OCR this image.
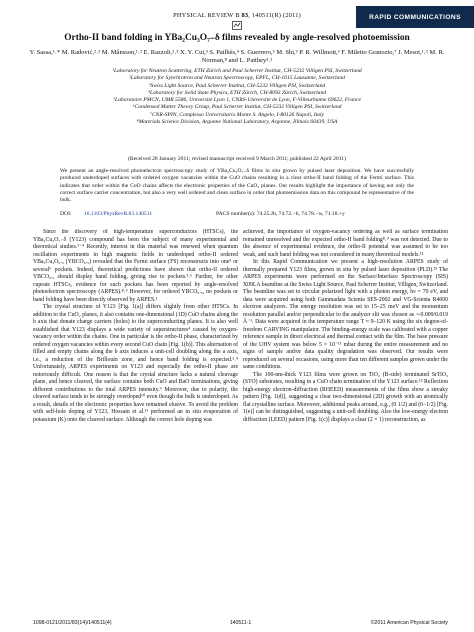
RAPID COMMUNICATIONS
PHYSICAL REVIEW B 83, 140511(R) (2011)
Ortho-II band folding in YBa₂Cu₃O₇₋δ films revealed by angle-resolved photoemission
Y. Sassa,¹˒* M. Radović,²˒³ M. Månsson,¹˒² E. Razzoli,²˒³ X. Y. Cui,³ S. Pailhès,⁴ S. Guerrero,⁵ M. Shi,³ P. R. Willmott,³ F. Miletto Granozio,⁷ J. Mesot,¹˒² M. R. Norman,⁸ and L. Patthey³˒²
¹Laboratory for Neutron Scattering, ETH Zürich and Paul Scherrer Institut, CH-5232 Villigen PSI, Switzerland
²Laboratory for Synchrotron and Neutron Spectroscopy, EPFL, CH-1015 Lausanne, Switzerland
³Swiss Light Source, Paul Scherrer Institut, CH-5232 Villigen PSI, Switzerland
⁴Laboratory for Solid State Physics, ETH Zürich, CH-8093 Zürich, Switzerland
⁵Laboratoire PMCN, UMR 5586, Université Lyon 1, CNRS-Université de Lyon, F-Villeurbanne 69622, France
⁶Condensed Matter Theory Group, Paul Scherrer Institut, CH-5232 Villigen PSI, Switzerland
⁷CNR-SPIN, Complesso Universitario Monte S. Angelo, I-80126 Napoli, Italy
⁸Materials Science Division, Argonne National Laboratory, Argonne, Illinois 60439, USA
(Received 28 January 2011; revised manuscript received 9 March 2011; published 22 April 2011)
We present an angle-resolved photoelectron spectroscopy study of YBa₂Cu₃O₇₋δ films in situ grown by pulsed laser deposition. We have successfully produced underdoped surfaces with ordered oxygen vacancies within the CuO chains resulting in a clear ortho-II band folding of the Fermi surface. This indicates that order within the CuO chains affects the electronic properties of the CuO₂ planes. Our results highlight the importance of having not only the correct surface carrier concentration, but also a very well ordered and clean surface in order that photoemission data on this compound be representative of the bulk.
DOI: 10.1103/PhysRevB.83.140511	PACS number(s): 74.25.Jb, 74.72.−h, 74.78.−w, 71.18.+y

Since the discovery of high-temperature superconductors (HTSCs), the YBa₂Cu₃O₇₋δ (Y123) compound has been the subject of many experimental and theoretical studies.¹⁻⁴ Recently, interest in this material was renewed when quantum oscillation experiments in high magnetic fields in underdoped ortho-II ordered YBa₂Cu₃O₆.₅ (YBCO₆.₅) revealed that the Fermi surface (FS) reconstructs into one⁵ or several⁶ pockets. Indeed, theoretical predictions have shown that ortho-II ordered YBCO₆.₅ should display band folding, giving rise to pockets.³˒⁶ Further, for other cuprate HTSCs, evidence for such pockets has been reported by angle-resolved photoelectron spectroscopy (ARPES).⁸˒⁹ However, for ordered YBCO₆.₅, no pockets or band folding have been directly observed by ARPES.¹

The crystal structure of Y123 [Fig. 1(a)] differs slightly from other HTSCs. In addition to the CuO₂ planes, it also contains one-dimensional (1D) CuO chains along the b axis that donate charge carriers (holes) to the superconducting planes. It is also well established that Y123 displays a wide variety of superstructures⁴ caused by oxygen-vacancy order within the chains. One in particular is the ortho-II phase, characterized by ordered oxygen vacancies within every second CuO chain [Fig. 1(b)]. This alternation of filled and empty chains along the b axis induces a unit-cell doubling along the a axis, i.e., a reduction of the Brillouin zone, and hence band folding is expected.³˒⁴ Unfortunately, ARPES experiments on Y123 and especially the ortho-II phase are notoriously difficult. One reason is that the crystal structure lacks a natural cleavage plane, and hence cleaved, the surface contains both CuO and BaO terminations, giving different contributions to the total ARPES intensity.⁹ Moreover, due to polarity, the cleaved surface tends to be strongly overdoped¹⁰ even though the bulk is underdoped. As a result, details of the electronic properties have remained elusive. To avoid the problem with self-hole doping of Y123, Hossain et al.¹¹ performed an in situ evaporation of potassium (K) onto the cleaved surface. Although the correct hole doping was

achieved, the importance of oxygen-vacancy ordering as well as surface termination remained unresolved and the expected ortho-II band folding⁸˒⁹ was not detected. Due to the absence of experimental evidence, the ortho-II potential was assumed to be too weak, and such band folding was not considered in many theoretical models.¹²

In this Rapid Communication we present a high-resolution ARPES study of thermally prepared Y123 films, grown in situ by pulsed laser deposition (PLD).¹³ The ARPES experiments were performed on the Surface/Interface Spectroscopy (SIS) X09LA beamline at the Swiss Light Source, Paul Scherrer Institut, Villigen, Switzerland. The beamline was set to circular polarized light with a photon energy, hν = 70 eV, and data were acquired using both Gammadata Scienta SES-2002 and VG-Scienta R4000 electron analyzers. The energy resolution was set to 15–25 meV and the momentum resolution parallel and/or perpendicular to the analyzer slit was chosen as ∼0.009/0.019 Å⁻¹. Data were acquired in the temperature range T ≈ 9–120 K using the six degree-of-freedom CARVING manipulator. The binding-energy scale was calibrated with a copper reference sample in direct electrical and thermal contact with the film. The base pressure of the UHV system was below 5 × 10⁻¹¹ mbar during the entire measurement and no signs of sample and/or data quality degradation was observed. Our results were reproduced on several occasions, using more than ten different samples grown under the same conditions.

The 100-nm-thick Y123 films were grown on TiO₂ (B-side) terminated SrTiO₃ (STO) substrates, resulting in a CuO chain termination of the Y123 surface.¹² Reflection high-energy electron-diffraction (RHEED) measurements of the films show a streaky pattern [Fig. 1(d)], suggesting a clear two-dimensional (2D) growth with an atomically flat crystalline surface. Moreover, additional peaks around, e.g., (0 1/2) and (0−1/2) [Fig. 1(e)] can be distinguished, suggesting a unit-cell doubling. Also the low-energy electron diffraction (LEED) pattern [Fig. 1(c)] displays a clear (2 × 1) reconstruction, as

1098-0121/2011/83(14)/140511(4)	140511-1	©2011 American Physical Society
